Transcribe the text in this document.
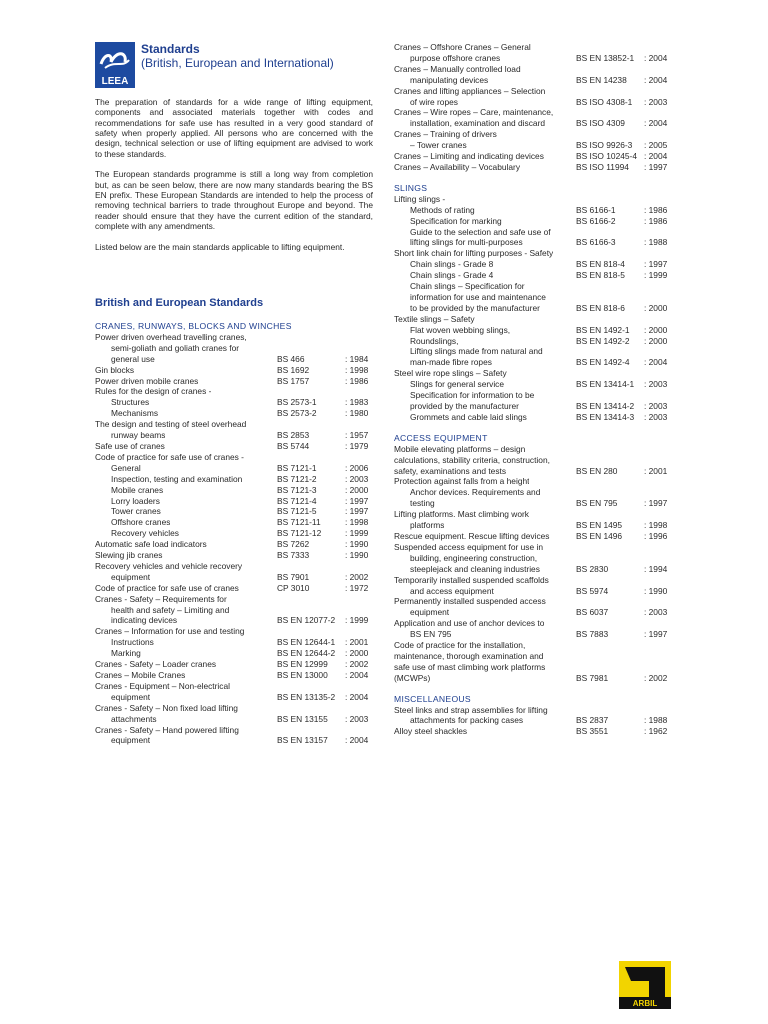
LEEA
Standards
(British, European and International)

The preparation of standards for a wide range of lifting equipment, components and associated materials together with codes and recommendations for safe use has resulted in a very good standard of safety when properly applied. All persons who are concerned with the design, technical selection or use of lifting equipment are advised to work to these standards.

The European standards programme is still a long way from completion but, as can be seen below, there are now many standards bearing the BS EN prefix. These European Standards are intended to help the process of removing technical barriers to trade throughout Europe and beyond. The reader should ensure that they have the current edition of the standard, complete with any amendments.

Listed below are the main standards applicable to lifting equipment.

British and European Standards
CRANES, RUNWAYS, BLOCKS AND WINCHES
Power driven overhead travelling cranes,
semi-goliath and goliath cranes for
general use	BS 466	: 1984
Gin blocks	BS 1692	: 1998
Power driven mobile cranes	BS 1757	: 1986
Rules for the design of cranes -
Structures	BS 2573-1	: 1983
Mechanisms	BS 2573-2	: 1980
The design and testing of steel overhead
runway beams	BS 2853	: 1957
Safe use of cranes	BS 5744	: 1979
Code of practice for safe use of cranes -
General	BS 7121-1	: 2006
Inspection, testing and examination	BS 7121-2	: 2003
Mobile cranes	BS 7121-3	: 2000
Lorry loaders	BS 7121-4	: 1997
Tower cranes	BS 7121-5	: 1997
Offshore cranes	BS 7121-11	: 1998
Recovery vehicles	BS 7121-12	: 1999
Automatic safe load indicators	BS 7262	: 1990
Slewing jib cranes	BS 7333	: 1990
Recovery vehicles and vehicle recovery
equipment	BS 7901	: 2002
Code of practice for safe use of cranes	CP 3010	: 1972
Cranes - Safety – Requirements for
health and safety – Limiting and
indicating devices	BS EN 12077-2 : 1999
Cranes – Information for use and testing
Instructions	BS EN 12644-1 : 2001
Marking	BS EN 12644-2 : 2000
Cranes - Safety – Loader cranes	BS EN 12999 : 2002
Cranes – Mobile Cranes	BS EN 13000 : 2004
Cranes - Equipment – Non-electrical
equipment	BS EN 13135-2 : 2004
Cranes - Safety – Non fixed load lifting
attachments	BS EN 13155 : 2003
Cranes - Safety – Hand powered lifting
equipment	BS EN 13157 : 2004
Cranes – Offshore Cranes – General
purpose offshore cranes	BS EN 13852-1 : 2004
Cranes – Manually controlled load
manipulating devices	BS EN 14238 : 2004
Cranes and lifting appliances – Selection
of wire ropes	BS ISO 4308-1 : 2003
Cranes – Wire ropes – Care, maintenance,
installation, examination and discard	BS ISO 4309 : 2004
Cranes – Training of drivers
– Tower cranes	BS ISO 9926-3 : 2005
Cranes – Limiting and indicating devices	BS ISO 10245-4 : 2004
Cranes – Availability – Vocabulary	BS ISO 11994 : 1997
SLINGS
Lifting slings -
Methods of rating	BS 6166-1	: 1986
Specification for marking	BS 6166-2	: 1986
Guide to the selection and safe use of
lifting slings for multi-purposes	BS 6166-3	: 1988
Short link chain for lifting purposes - Safety
Chain slings - Grade 8	BS EN 818-4 : 1997
Chain slings - Grade 4	BS EN 818-5 : 1999
Chain slings – Specification for
information for use and maintenance
to be provided by the manufacturer	BS EN 818-6 : 2000
Textile slings – Safety
Flat woven webbing slings,	BS EN 1492-1 : 2000
Roundslings,	BS EN 1492-2 : 2000
Lifting slings made from natural and
man-made fibre ropes	BS EN 1492-4 : 2004
Steel wire rope slings – Safety
Slings for general service	BS EN 13414-1 : 2003
Specification for information to be
provided by the manufacturer	BS EN 13414-2 : 2003
Grommets and cable laid slings	BS EN 13414-3 : 2003
ACCESS EQUIPMENT
Mobile elevating platforms – design
calculations, stability criteria, construction,
safety, examinations and tests	BS EN 280	: 2001
Protection against falls from a height
Anchor devices. Requirements and
testing	BS EN 795	: 1997
Lifting platforms. Mast climbing work
platforms	BS EN 1495	: 1998
Rescue equipment. Rescue lifting devices	BS EN 1496	: 1996
Suspended access equipment for use in
building, engineering construction,
steeplejack and cleaning industries	BS 2830	: 1994
Temporarily installed suspended scaffolds
and access equipment	BS 5974	: 1990
Permanently installed suspended access
equipment	BS 6037	: 2003
Application and use of anchor devices to
BS EN 795	BS 7883	: 1997
Code of practice for the installation,
maintenance, thorough examination and
safe use of mast climbing work platforms
(MCWPs)	BS 7981	: 2002
MISCELLANEOUS
Steel links and strap assemblies for lifting
attachments for packing cases	BS 2837	: 1988
Alloy steel shackles	BS 3551	: 1962
ARBIL
